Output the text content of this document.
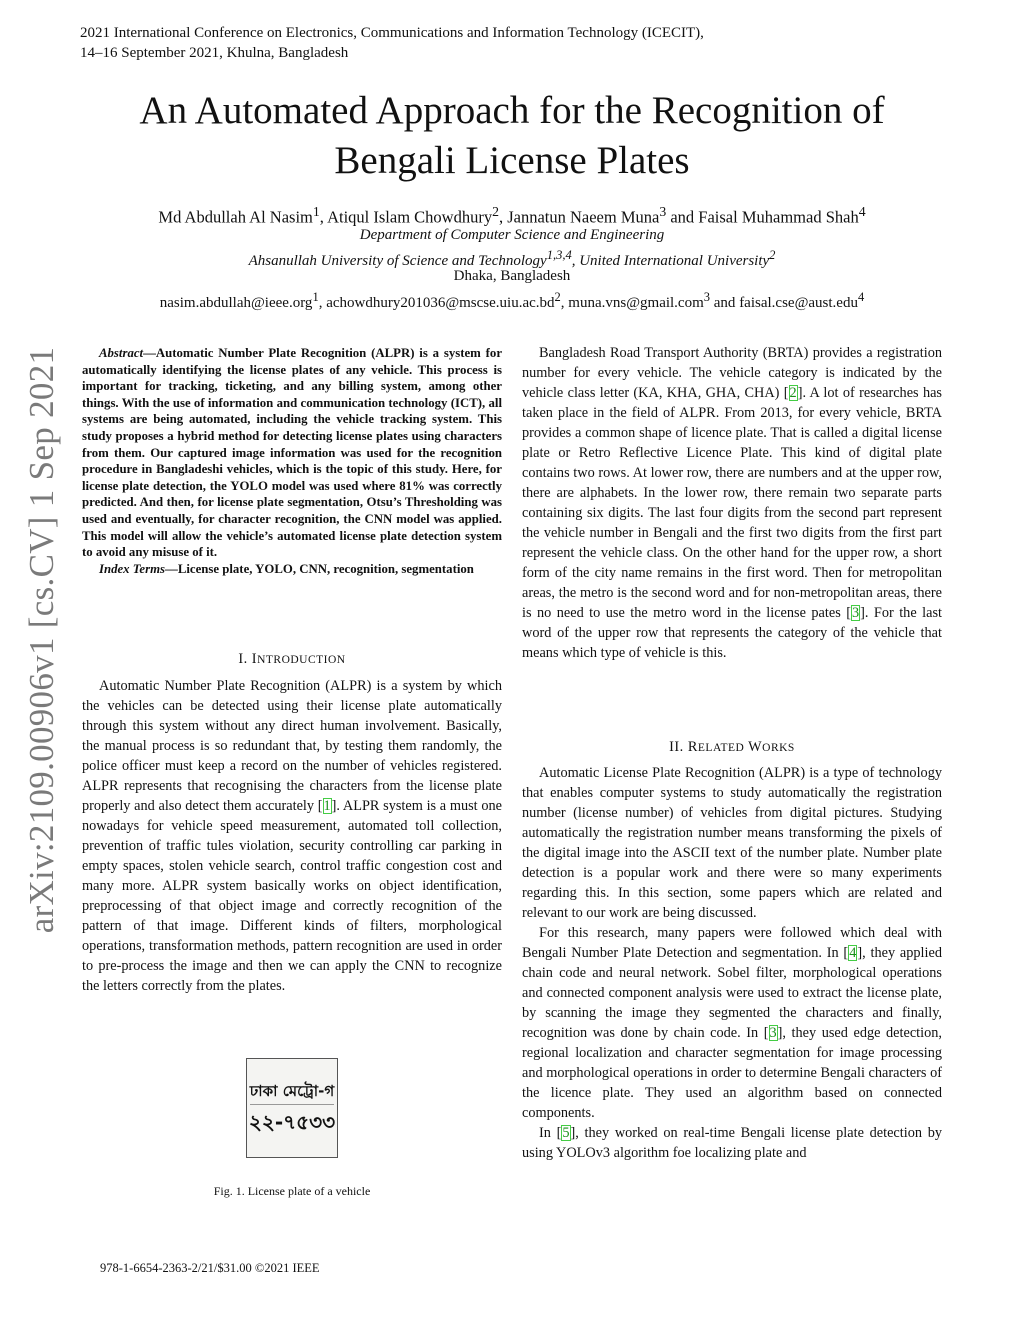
2021 International Conference on Electronics, Communications and Information Technology (ICECIT),
14–16 September 2021, Khulna, Bangladesh
An Automated Approach for the Recognition of
Bengali License Plates
Md Abdullah Al Nasim$^1$, Atiqul Islam Chowdhury$^2$, Jannatun Naeem Muna$^3$ and Faisal Muhammad Shah$^4$
Department of Computer Science and Engineering
Ahsanullah University of Science and Technology$^{1,3,4}$, United International University$^2$
Dhaka, Bangladesh
nasim.abdullah@ieee.org$^1$, $achowdhury201036@mscse.uiu.ac.bd^2$, muna.vns@gmail.com$^3$ and faisal.cse@aust.edu$^4$
arXiv:2109.00906v1 [cs.CV] 1 Sep 2021	Abstract—Automatic Number Plate Recognition (ALPR) is a system for automatically identifying the license plates of any vehicle. This process is important for tracking, ticketing, and any billing system, among other things. With the use of information and communication technology (ICT), all systems are being automated, including the vehicle tracking system. This study proposes a hybrid method for detecting license plates using characters from them. Our captured image information was used for the recognition procedure in Bangladeshi vehicles, which is the topic of this study. Here, for license plate detection, the YOLO model was used where 81% was correctly predicted. And then, for license plate segmentation, Otsu’s Thresholding was used and eventually, for character recognition, the CNN model was applied. This model will allow the vehicle’s automated license plate detection system to avoid any misuse of it.

Index Terms—License plate, YOLO, CNN, recognition, segmentation

I. INTRODUCTION

Automatic Number Plate Recognition (ALPR) is a system by which the vehicles can be detected using their license plate automatically through this system without any direct human involvement. Basically, the manual process is so redundant that, by testing them randomly, the police officer must keep a record on the number of vehicles registered. ALPR represents that recognising the characters from the license plate properly and also detect them accurately [1]. ALPR system is a must one nowadays for vehicle speed measurement, automated toll collection, prevention of traffic tules violation, security controlling car parking in empty spaces, stolen vehicle search, control traffic congestion cost and many more. ALPR system basically works on object identification, preprocessing of that object image and correctly recognition of the pattern of that image. Different kinds of filters, morphological operations, transformation methods, pattern recognition are used in order to pre-process the image and then we can apply the CNN to recognize the letters correctly from the plates.

ঢাকা মেট্রো-গ
২২-৭৫৩৩
Fig. 1. License plate of a vehicle

Bangladesh Road Transport Authority (BRTA) provides a registration number for every vehicle. The vehicle category is indicated by the vehicle class letter (KA, KHA, GHA, CHA) [2]. A lot of researches has taken place in the field of ALPR. From 2013, for every vehicle, BRTA provides a common shape of licence plate. That is called a digital license plate or Retro Reflective Licence Plate. This kind of digital plate contains two rows. At lower row, there are numbers and at the upper row, there are alphabets. In the lower row, there remain two separate parts containing six digits. The last four digits from the second part represent the vehicle number in Bengali and the first two digits from the first part represent the vehicle class. On the other hand for the upper row, a short form of the city name remains in the first word. Then for metropolitan areas, the metro is the second word and for non-metropolitan areas, there is no need to use the metro word in the license pates [3]. For the last word of the upper row that represents the category of the vehicle that means which type of vehicle is this.

II. RELATED WORKS

Automatic License Plate Recognition (ALPR) is a type of technology that enables computer systems to study automatically the registration number (license number) of vehicles from digital pictures. Studying automatically the registration number means transforming the pixels of the digital image into the ASCII text of the number plate. Number plate detection is a popular work and there were so many experiments regarding this. In this section, some papers which are related and relevant to our work are being discussed.

For this research, many papers were followed which deal with Bengali Number Plate Detection and segmentation. In [4], they applied chain code and neural network. Sobel filter, morphological operations and connected component analysis were used to extract the license plate, by scanning the image they segmented the characters and finally, recognition was done by chain code. In [3], they used edge detection, regional localization and character segmentation for image processing and morphological operations in order to determine Bengali characters of the licence plate. They used an algorithm based on connected components.

In [5], they worked on real-time Bengali license plate detection by using YOLOv3 algorithm foe localizing plate and

978-1-6654-2363-2/21/$31.00 ©2021 IEEE
